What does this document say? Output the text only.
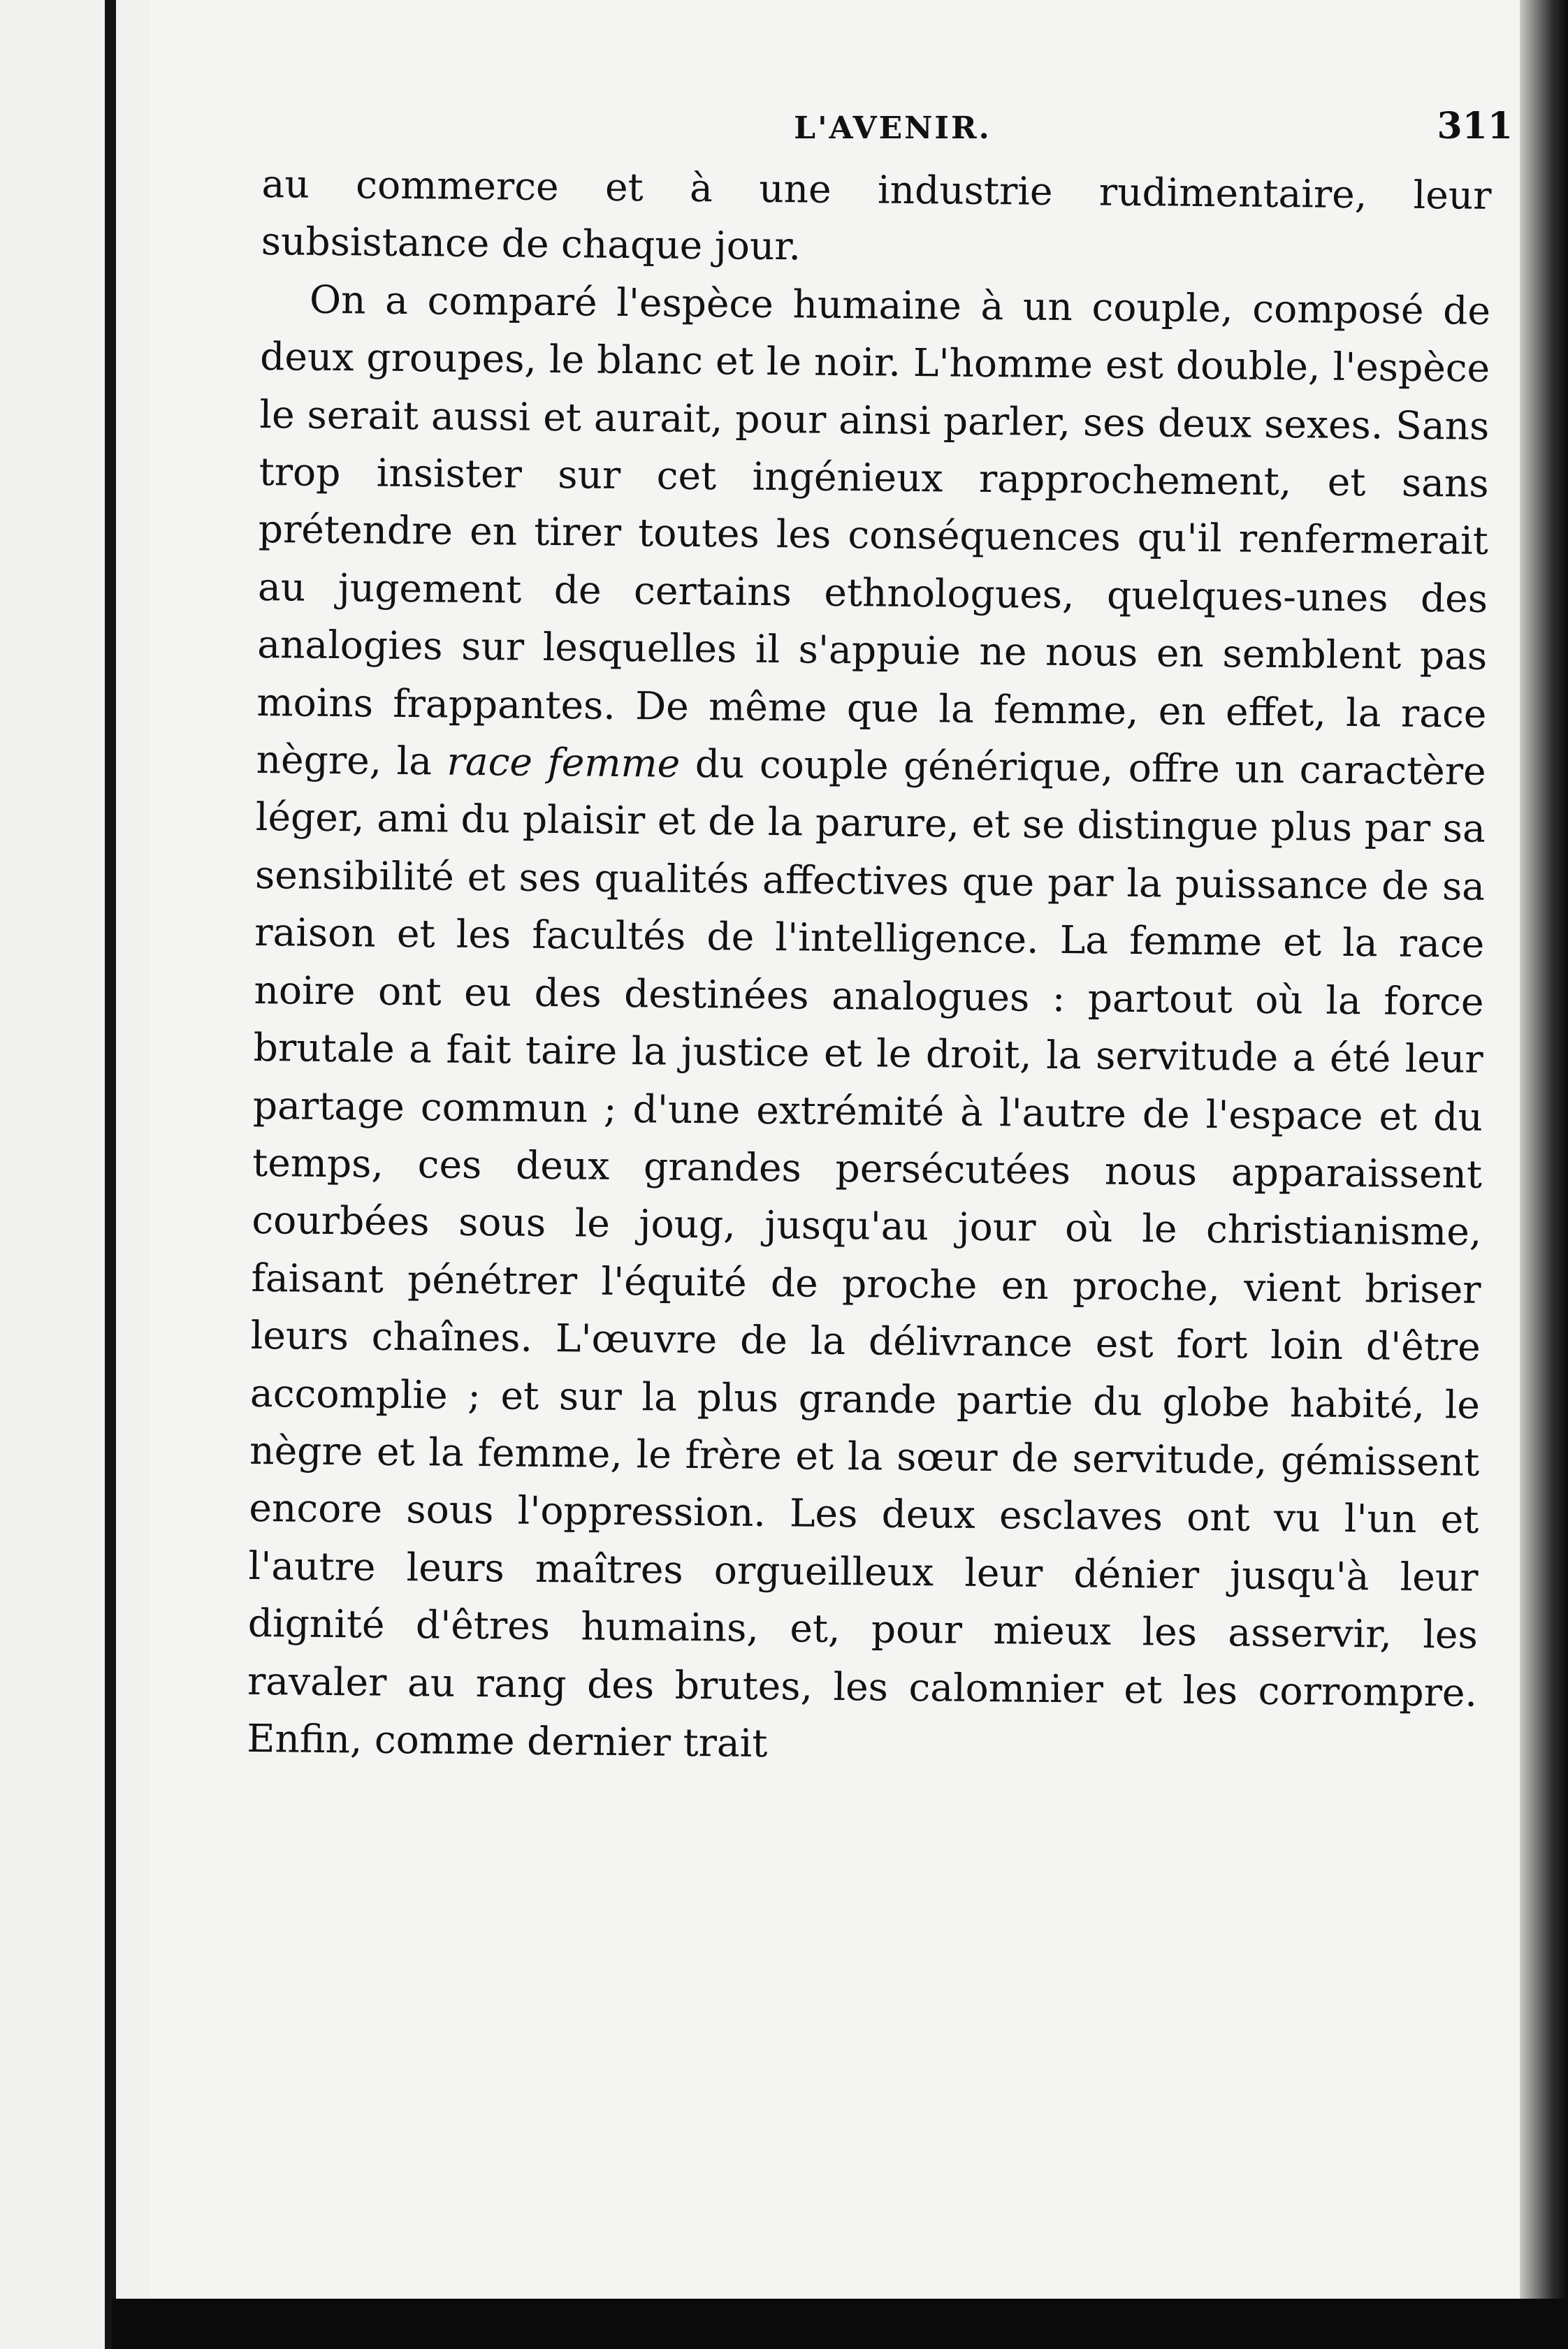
L'AVENIR.	311

au commerce et à une industrie rudimentaire, leur subsistance de chaque jour.

On a comparé l'espèce humaine à un couple, composé de deux groupes, le blanc et le noir. L'homme est double, l'espèce le serait aussi et aurait, pour ainsi parler, ses deux sexes. Sans trop insister sur cet ingénieux rapprochement, et sans prétendre en tirer toutes les conséquences qu'il renfermerait au jugement de certains ethnologues, quelques-unes des analogies sur lesquelles il s'appuie ne nous en semblent pas moins frappantes. De même que la femme, en effet, la race nègre, la race femme du couple générique, offre un caractère léger, ami du plaisir et de la parure, et se distingue plus par sa sensibilité et ses qualités affectives que par la puissance de sa raison et les facultés de l'intelligence. La femme et la race noire ont eu des destinées analogues : partout où la force brutale a fait taire la justice et le droit, la servitude a été leur partage commun ; d'une extrémité à l'autre de l'espace et du temps, ces deux grandes persécutées nous apparaissent courbées sous le joug, jusqu'au jour où le christianisme, faisant pénétrer l'équité de proche en proche, vient briser leurs chaînes. L'œuvre de la délivrance est fort loin d'être accomplie ; et sur la plus grande partie du globe habité, le nègre et la femme, le frère et la sœur de servitude, gémissent encore sous l'oppression. Les deux esclaves ont vu l'un et l'autre leurs maîtres orgueilleux leur dénier jusqu'à leur dignité d'êtres humains, et, pour mieux les asservir, les ravaler au rang des brutes, les calomnier et les corrompre. Enfin, comme dernier trait
